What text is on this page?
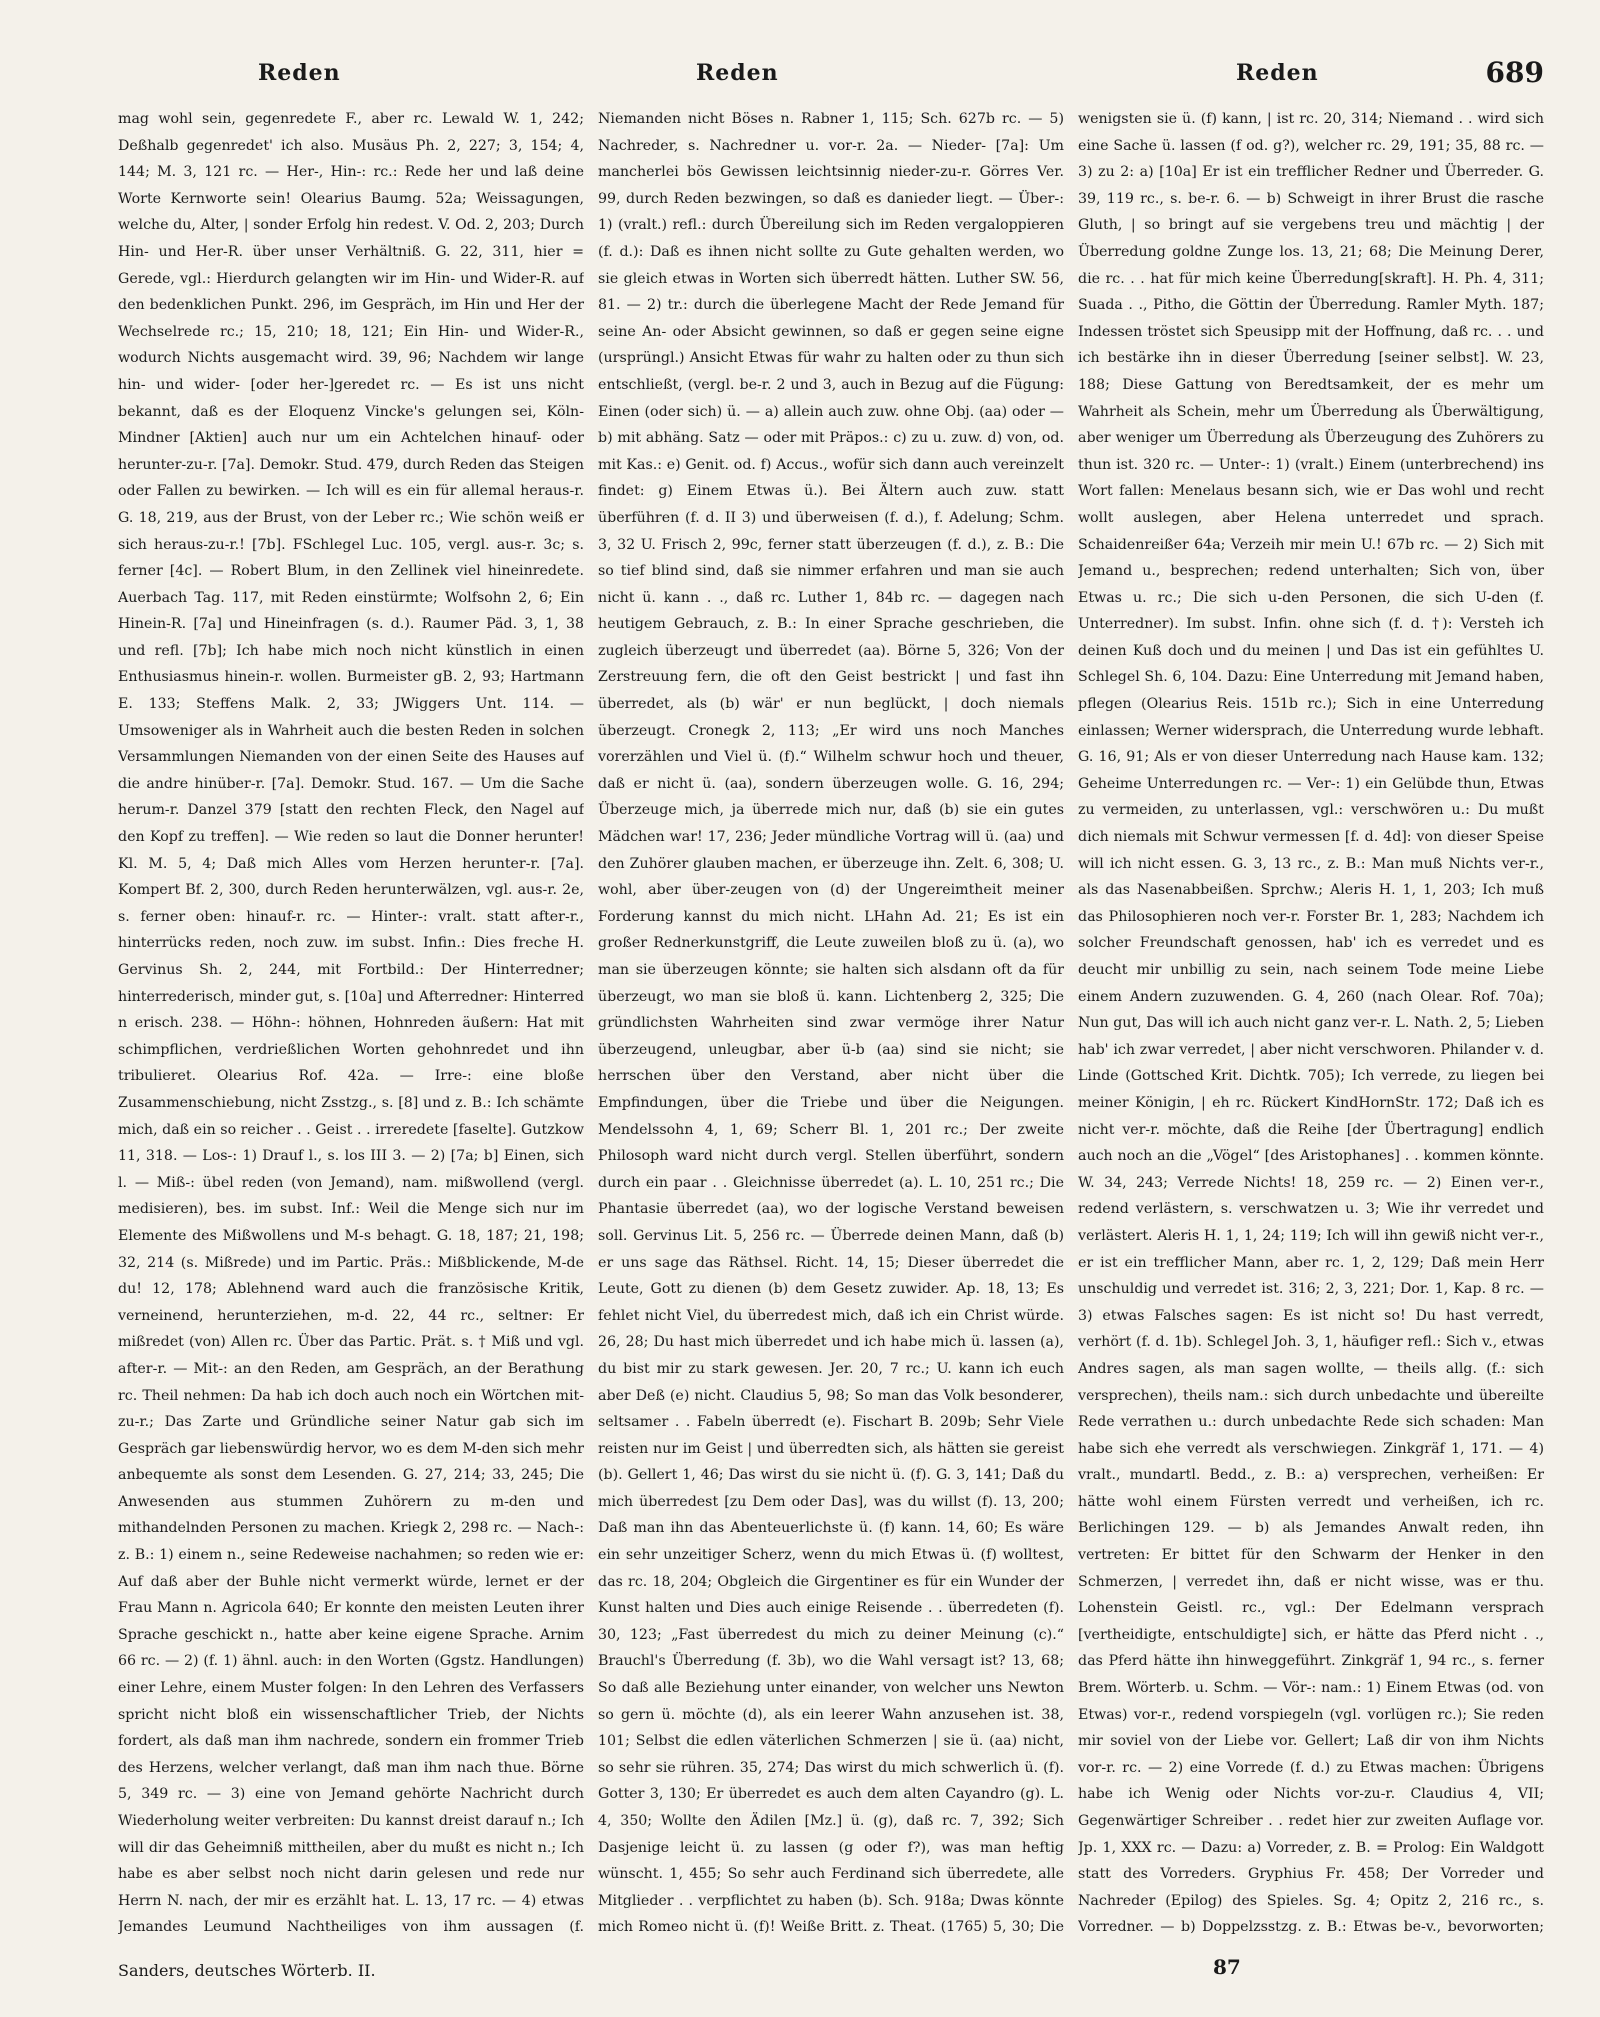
Reden	Reden	Reden	689

mag wohl sein, gegenredete F., aber rc. Lewald W. 1, 242; Deßhalb gegenredet' ich also. Musäus Ph. 2, 227; 3, 154; 4, 144; M. 3, 121 rc. — Her-, Hin-: rc.: Rede her und laß deine Worte Kernworte sein! Olearius Baumg. 52a; Weissagungen, welche du, Alter, | sonder Erfolg hin redest. V. Od. 2, 203; Durch Hin- und Her-R. über unser Verhältniß. G. 22, 311, hier = Gerede, vgl.: Hierdurch gelangten wir im Hin- und Wider-R. auf den bedenklichen Punkt. 296, im Gespräch, im Hin und Her der Wechselrede rc.; 15, 210; 18, 121; Ein Hin- und Wider-R., wodurch Nichts ausgemacht wird. 39, 96; Nachdem wir lange hin- und wider- [oder her-]geredet rc. — Es ist uns nicht bekannt, daß es der Eloquenz Vincke's gelungen sei, Köln-Mindner [Aktien] auch nur um ein Achtelchen hinauf- oder herunter-zu-r. [7a]. Demokr. Stud. 479, durch Reden das Steigen oder Fallen zu bewirken. — Ich will es ein für allemal heraus-r. G. 18, 219, aus der Brust, von der Leber rc.; Wie schön weiß er sich heraus-zu-r.! [7b]. FSchlegel Luc. 105, vergl. aus-r. 3c; s. ferner [4c]. — Robert Blum, in den Zellinek viel hineinredete. Auerbach Tag. 117, mit Reden einstürmte; Wolfsohn 2, 6; Ein Hinein-R. [7a] und Hineinfragen (s. d.). Raumer Päd. 3, 1, 38 und refl. [7b]; Ich habe mich noch nicht künstlich in einen Enthusiasmus hinein-r. wollen. Burmeister gB. 2, 93; Hartmann E. 133; Steffens Malk. 2, 33; JWiggers Unt. 114. — Umsoweniger als in Wahrheit auch die besten Reden in solchen Versammlungen Niemanden von der einen Seite des Hauses auf die andre hinüber-r. [7a]. Demokr. Stud. 167. — Um die Sache herum-r. Danzel 379 [statt den rechten Fleck, den Nagel auf den Kopf zu treffen]. — Wie reden so laut die Donner herunter! Kl. M. 5, 4; Daß mich Alles vom Herzen herunter-r. [7a]. Kompert Bf. 2, 300, durch Reden herunterwälzen, vgl. aus-r. 2e, s. ferner oben: hinauf-r. rc. — Hinter-: vralt. statt after-r., hinterrücks reden, noch zuw. im subst. Infin.: Dies freche H. Gervinus Sh. 2, 244, mit Fortbild.: Der Hinterredner; hinterrederisch, minder gut, s. [10a] und Afterredner: Hinterred n erisch. 238. — Höhn-: höhnen, Hohnreden äußern: Hat mit schimpflichen, verdrießlichen Worten gehohnredet und ihn tribulieret. Olearius Rof. 42a. — Irre-: eine bloße Zusammenschiebung, nicht Zsstzg., s. [8] und z. B.: Ich schämte mich, daß ein so reicher . . Geist . . irreredete [faselte]. Gutzkow 11, 318. — Los-: 1) Drauf l., s. los III 3. — 2) [7a; b] Einen, sich l. — Miß-: übel reden (von Jemand), nam. mißwollend (vergl. medisieren), bes. im subst. Inf.: Weil die Menge sich nur im Elemente des Mißwollens und M-s behagt. G. 18, 187; 21, 198; 32, 214 (s. Mißrede) und im Partic. Präs.: Mißblickende, M-de du! 12, 178; Ablehnend ward auch die französische Kritik, verneinend, herunterziehen, m-d. 22, 44 rc., seltner: Er mißredet (von) Allen rc. Über das Partic. Prät. s. † Miß und vgl. after-r. — Mit-: an den Reden, am Gespräch, an der Berathung rc. Theil nehmen: Da hab ich doch auch noch ein Wörtchen mit-zu-r.; Das Zarte und Gründliche seiner Natur gab sich im Gespräch gar liebenswürdig hervor, wo es dem M-den sich mehr anbequemte als sonst dem Lesenden. G. 27, 214; 33, 245; Die Anwesenden aus stummen Zuhörern zu m-den und mithandelnden Personen zu machen. Kriegk 2, 298 rc. — Nach-: z. B.: 1) einem n., seine Redeweise nachahmen; so reden wie er: Auf daß aber der Buhle nicht vermerkt würde, lernet er der Frau Mann n. Agricola 640; Er konnte den meisten Leuten ihrer Sprache geschickt n., hatte aber keine eigene Sprache. Arnim 66 rc. — 2) (f. 1) ähnl. auch: in den Worten (Ggstz. Handlungen) einer Lehre, einem Muster folgen: In den Lehren des Verfassers spricht nicht bloß ein wissenschaftlicher Trieb, der Nichts fordert, als daß man ihm nachrede, sondern ein frommer Trieb des Herzens, welcher verlangt, daß man ihm nach thue. Börne 5, 349 rc. — 3) eine von Jemand gehörte Nachricht durch Wiederholung weiter verbreiten: Du kannst dreist darauf n.; Ich will dir das Geheimniß mittheilen, aber du mußt es nicht n.; Ich habe es aber selbst noch nicht darin gelesen und rede nur Herrn N. nach, der mir es erzählt hat. L. 13, 17 rc. — 4) etwas Jemandes Leumund Nachtheiliges von ihm aussagen (f.

Niemanden nicht Böses n. Rabner 1, 115; Sch. 627b rc. — 5) Nachreder, s. Nachredner u. vor-r. 2a. — Nieder- [7a]: Um mancherlei bös Gewissen leichtsinnig nieder-zu-r. Görres Ver. 99, durch Reden bezwingen, so daß es danieder liegt. — Über-: 1) (vralt.) refl.: durch Übereilung sich im Reden vergaloppieren (f. d.): Daß es ihnen nicht sollte zu Gute gehalten werden, wo sie gleich etwas in Worten sich überredt hätten. Luther SW. 56, 81. — 2) tr.: durch die überlegene Macht der Rede Jemand für seine An- oder Absicht gewinnen, so daß er gegen seine eigne (ursprüngl.) Ansicht Etwas für wahr zu halten oder zu thun sich entschließt, (vergl. be-r. 2 und 3, auch in Bezug auf die Fügung: Einen (oder sich) ü. — a) allein auch zuw. ohne Obj. (aa) oder — b) mit abhäng. Satz — oder mit Präpos.: c) zu u. zuw. d) von, od. mit Kas.: e) Genit. od. f) Accus., wofür sich dann auch vereinzelt findet: g) Einem Etwas ü.). Bei Ältern auch zuw. statt überführen (f. d. II 3) und überweisen (f. d.), f. Adelung; Schm. 3, 32 U. Frisch 2, 99c, ferner statt überzeugen (f. d.), z. B.: Die so tief blind sind, daß sie nimmer erfahren und man sie auch nicht ü. kann . ., daß rc. Luther 1, 84b rc. — dagegen nach heutigem Gebrauch, z. B.: In einer Sprache geschrieben, die zugleich überzeugt und überredet (aa). Börne 5, 326; Von der Zerstreuung fern, die oft den Geist bestrickt | und fast ihn überredet, als (b) wär' er nun beglückt, | doch niemals überzeugt. Cronegk 2, 113; „Er wird uns noch Manches vorerzählen und Viel ü. (f).“ Wilhelm schwur hoch und theuer, daß er nicht ü. (aa), sondern überzeugen wolle. G. 16, 294; Überzeuge mich, ja überrede mich nur, daß (b) sie ein gutes Mädchen war! 17, 236; Jeder mündliche Vortrag will ü. (aa) und den Zuhörer glauben machen, er überzeuge ihn. Zelt. 6, 308; U. wohl, aber über-zeugen von (d) der Ungereimtheit meiner Forderung kannst du mich nicht. LHahn Ad. 21; Es ist ein großer Rednerkunstgriff, die Leute zuweilen bloß zu ü. (a), wo man sie überzeugen könnte; sie halten sich alsdann oft da für überzeugt, wo man sie bloß ü. kann. Lichtenberg 2, 325; Die gründlichsten Wahrheiten sind zwar vermöge ihrer Natur überzeugend, unleugbar, aber ü-b (aa) sind sie nicht; sie herrschen über den Verstand, aber nicht über die Empfindungen, über die Triebe und über die Neigungen. Mendelssohn 4, 1, 69; Scherr Bl. 1, 201 rc.; Der zweite Philosoph ward nicht durch vergl. Stellen überführt, sondern durch ein paar . . Gleichnisse überredet (a). L. 10, 251 rc.; Die Phantasie überredet (aa), wo der logische Verstand beweisen soll. Gervinus Lit. 5, 256 rc. — Überrede deinen Mann, daß (b) er uns sage das Räthsel. Richt. 14, 15; Dieser überredet die Leute, Gott zu dienen (b) dem Gesetz zuwider. Ap. 18, 13; Es fehlet nicht Viel, du überredest mich, daß ich ein Christ würde. 26, 28; Du hast mich überredet und ich habe mich ü. lassen (a), du bist mir zu stark gewesen. Jer. 20, 7 rc.; U. kann ich euch aber Deß (e) nicht. Claudius 5, 98; So man das Volk besonderer, seltsamer . . Fabeln überredt (e). Fischart B. 209b; Sehr Viele reisten nur im Geist | und überredten sich, als hätten sie gereist (b). Gellert 1, 46; Das wirst du sie nicht ü. (f). G. 3, 141; Daß du mich überredest [zu Dem oder Das], was du willst (f). 13, 200; Daß man ihn das Abenteuerlichste ü. (f) kann. 14, 60; Es wäre ein sehr unzeitiger Scherz, wenn du mich Etwas ü. (f) wolltest, das rc. 18, 204; Obgleich die Girgentiner es für ein Wunder der Kunst halten und Dies auch einige Reisende . . überredeten (f). 30, 123; „Fast überredest du mich zu deiner Meinung (c).“ Brauchl's Überredung (f. 3b), wo die Wahl versagt ist? 13, 68; So daß alle Beziehung unter einander, von welcher uns Newton so gern ü. möchte (d), als ein leerer Wahn anzusehen ist. 38, 101; Selbst die edlen väterlichen Schmerzen | sie ü. (aa) nicht, so sehr sie rühren. 35, 274; Das wirst du mich schwerlich ü. (f). Gotter 3, 130; Er überredet es auch dem alten Cayandro (g). L. 4, 350; Wollte den Ädilen [Mz.] ü. (g), daß rc. 7, 392; Sich Dasjenige leicht ü. zu lassen (g oder f?), was man heftig wünscht. 1, 455; So sehr auch Ferdinand sich überredete, alle Mitglieder . . verpflichtet zu haben (b). Sch. 918a; Dwas könnte mich Romeo nicht ü. (f)! Weiße Britt. z. Theat. (1765) 5, 30; Die

wenigsten sie ü. (f) kann, | ist rc. 20, 314; Niemand . . wird sich eine Sache ü. lassen (f od. g?), welcher rc. 29, 191; 35, 88 rc. — 3) zu 2: a) [10a] Er ist ein trefflicher Redner und Überreder. G. 39, 119 rc., s. be-r. 6. — b) Schweigt in ihrer Brust die rasche Gluth, | so bringt auf sie vergebens treu und mächtig | der Überredung goldne Zunge los. 13, 21; 68; Die Meinung Derer, die rc. . . hat für mich keine Überredung[skraft]. H. Ph. 4, 311; Suada . ., Pitho, die Göttin der Überredung. Ramler Myth. 187; Indessen tröstet sich Speusipp mit der Hoffnung, daß rc. . . und ich bestärke ihn in dieser Überredung [seiner selbst]. W. 23, 188; Diese Gattung von Beredtsamkeit, der es mehr um Wahrheit als Schein, mehr um Überredung als Überwältigung, aber weniger um Überredung als Überzeugung des Zuhörers zu thun ist. 320 rc. — Unter-: 1) (vralt.) Einem (unterbrechend) ins Wort fallen: Menelaus besann sich, wie er Das wohl und recht wollt auslegen, aber Helena unterredet und sprach. Schaidenreißer 64a; Verzeih mir mein U.! 67b rc. — 2) Sich mit Jemand u., besprechen; redend unterhalten; Sich von, über Etwas u. rc.; Die sich u-den Personen, die sich U-den (f. Unterredner). Im subst. Infin. ohne sich (f. d. †): Versteh ich deinen Kuß doch und du meinen | und Das ist ein gefühltes U. Schlegel Sh. 6, 104. Dazu: Eine Unterredung mit Jemand haben, pflegen (Olearius Reis. 151b rc.); Sich in eine Unterredung einlassen; Werner widersprach, die Unterredung wurde lebhaft. G. 16, 91; Als er von dieser Unterredung nach Hause kam. 132; Geheime Unterredungen rc. — Ver-: 1) ein Gelübde thun, Etwas zu vermeiden, zu unterlassen, vgl.: verschwören u.: Du mußt dich niemals mit Schwur vermessen [f. d. 4d]: von dieser Speise will ich nicht essen. G. 3, 13 rc., z. B.: Man muß Nichts ver-r., als das Nasenabbeißen. Sprchw.; Aleris H. 1, 1, 203; Ich muß das Philosophieren noch ver-r. Forster Br. 1, 283; Nachdem ich solcher Freundschaft genossen, hab' ich es verredet und es deucht mir unbillig zu sein, nach seinem Tode meine Liebe einem Andern zuzuwenden. G. 4, 260 (nach Olear. Rof. 70a); Nun gut, Das will ich auch nicht ganz ver-r. L. Nath. 2, 5; Lieben hab' ich zwar verredet, | aber nicht verschworen. Philander v. d. Linde (Gottsched Krit. Dichtk. 705); Ich verrede, zu liegen bei meiner Königin, | eh rc. Rückert KindHornStr. 172; Daß ich es nicht ver-r. möchte, daß die Reihe [der Übertragung] endlich auch noch an die „Vögel“ [des Aristophanes] . . kommen könnte. W. 34, 243; Verrede Nichts! 18, 259 rc. — 2) Einen ver-r., redend verlästern, s. verschwatzen u. 3; Wie ihr verredet und verlästert. Aleris H. 1, 1, 24; 119; Ich will ihn gewiß nicht ver-r., er ist ein trefflicher Mann, aber rc. 1, 2, 129; Daß mein Herr unschuldig und verredet ist. 316; 2, 3, 221; Dor. 1, Kap. 8 rc. — 3) etwas Falsches sagen: Es ist nicht so! Du hast verredt, verhört (f. d. 1b). Schlegel Joh. 3, 1, häufiger refl.: Sich v., etwas Andres sagen, als man sagen wollte, — theils allg. (f.: sich versprechen), theils nam.: sich durch unbedachte und übereilte Rede verrathen u.: durch unbedachte Rede sich schaden: Man habe sich ehe verredt als verschwiegen. Zinkgräf 1, 171. — 4) vralt., mundartl. Bedd., z. B.: a) versprechen, verheißen: Er hätte wohl einem Fürsten verredt und verheißen, ich rc. Berlichingen 129. — b) als Jemandes Anwalt reden, ihn vertreten: Er bittet für den Schwarm der Henker in den Schmerzen, | verredet ihn, daß er nicht wisse, was er thu. Lohenstein Geistl. rc., vgl.: Der Edelmann versprach [vertheidigte, entschuldigte] sich, er hätte das Pferd nicht . ., das Pferd hätte ihn hinweggeführt. Zinkgräf 1, 94 rc., s. ferner Brem. Wörterb. u. Schm. — Vör-: nam.: 1) Einem Etwas (od. von Etwas) vor-r., redend vorspiegeln (vgl. vorlügen rc.); Sie reden mir soviel von der Liebe vor. Gellert; Laß dir von ihm Nichts vor-r. rc. — 2) eine Vorrede (f. d.) zu Etwas machen: Übrigens habe ich Wenig oder Nichts vor-zu-r. Claudius 4, VII; Gegenwärtiger Schreiber . . redet hier zur zweiten Auflage vor. Jp. 1, XXX rc. — Dazu: a) Vorreder, z. B. = Prolog: Ein Waldgott statt des Vorreders. Gryphius Fr. 458; Der Vorreder und Nachreder (Epilog) des Spieles. Sg. 4; Opitz 2, 216 rc., s. Vorredner. — b) Doppelzsstzg. z. B.: Etwas be-v., bevorworten;

Sanders, deutsches Wörterb. II.	87
